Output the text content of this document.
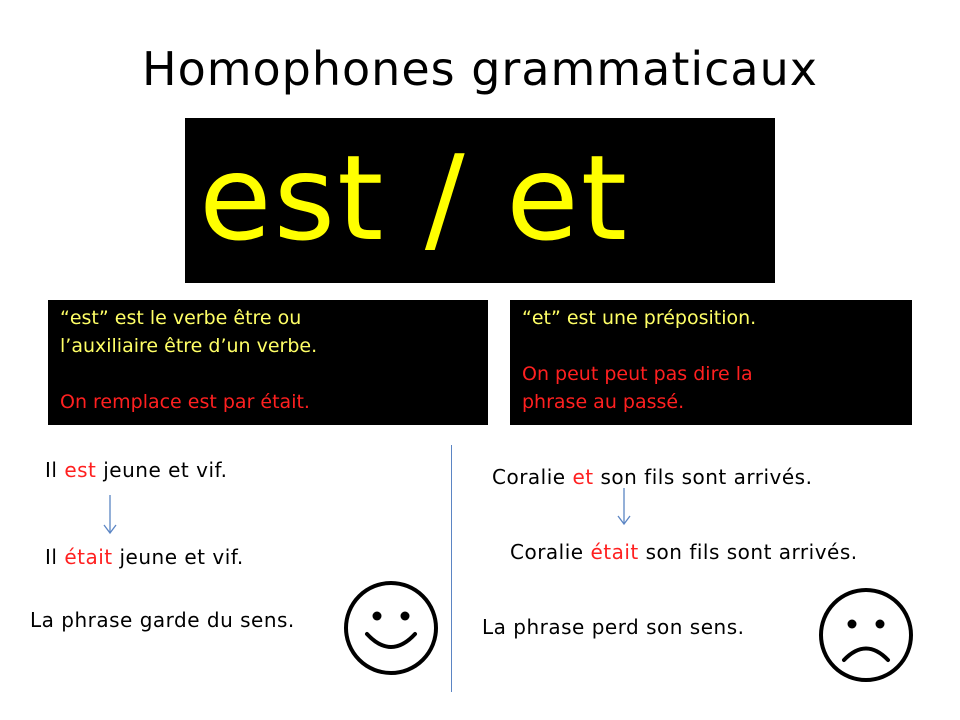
Homophones grammaticaux
est / et
“est” est le verbe être ou
l’auxiliaire être d’un verbe.
On remplace est par était.
“et” est une préposition.
On peut peut pas dire la
phrase au passé.
Il est jeune et vif.
Il était jeune et vif.
La phrase garde du sens.
Coralie et son fils sont arrivés.
Coralie était son fils sont arrivés.
La phrase perd son sens.
